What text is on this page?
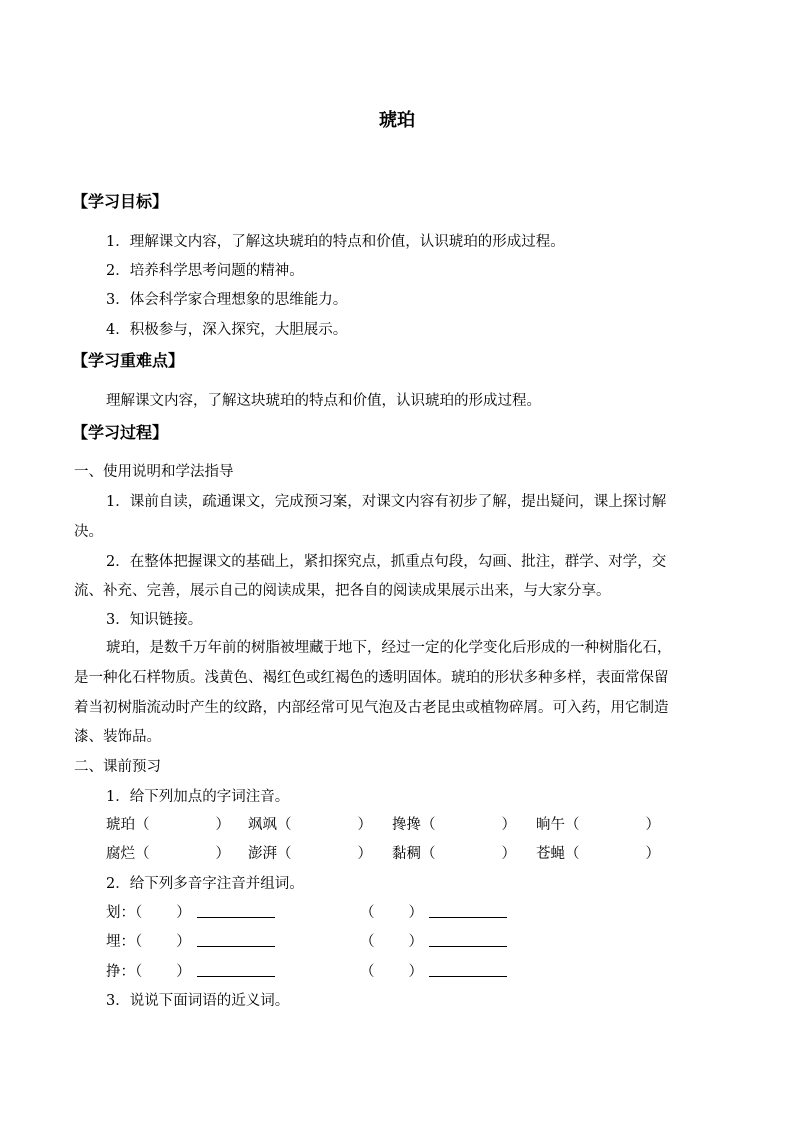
琥珀
【学习目标】
1．理解课文内容，了解这块琥珀的特点和价值，认识琥珀的形成过程。
2．培养科学思考问题的精神。
3．体会科学家合理想象的思维能力。
4．积极参与，深入探究，大胆展示。
【学习重难点】
理解课文内容，了解这块琥珀的特点和价值，认识琥珀的形成过程。
【学习过程】
一、使用说明和学法指导
1．课前自读，疏通课文，完成预习案，对课文内容有初步了解，提出疑问，课上探讨解
决。
2．在整体把握课文的基础上，紧扣探究点，抓重点句段，勾画、批注，群学、对学，交
流、补充、完善，展示自己的阅读成果，把各自的阅读成果展示出来，与大家分享。
3．知识链接。
琥珀，是数千万年前的树脂被埋藏于地下，经过一定的化学变化后形成的一种树脂化石，
是一种化石样物质。浅黄色、褐红色或红褐色的透明固体。琥珀的形状多种多样，表面常保留
着当初树脂流动时产生的纹路，内部经常可见气泡及古老昆虫或植物碎屑。可入药，用它制造
漆、装饰品。
二、课前预习
1．给下列加点的字词注音。
琥珀（	） 飒飒（	） 搀搀（	） 晌午（	）
腐烂（	） 澎湃（	） 黏稠（	） 苍蝇（	）
2．给下列多音字注音并组词。
划：（ ）	（ ）
埋：（ ）	（ ）
挣：（ ）	（ ）
3．说说下面词语的近义词。
